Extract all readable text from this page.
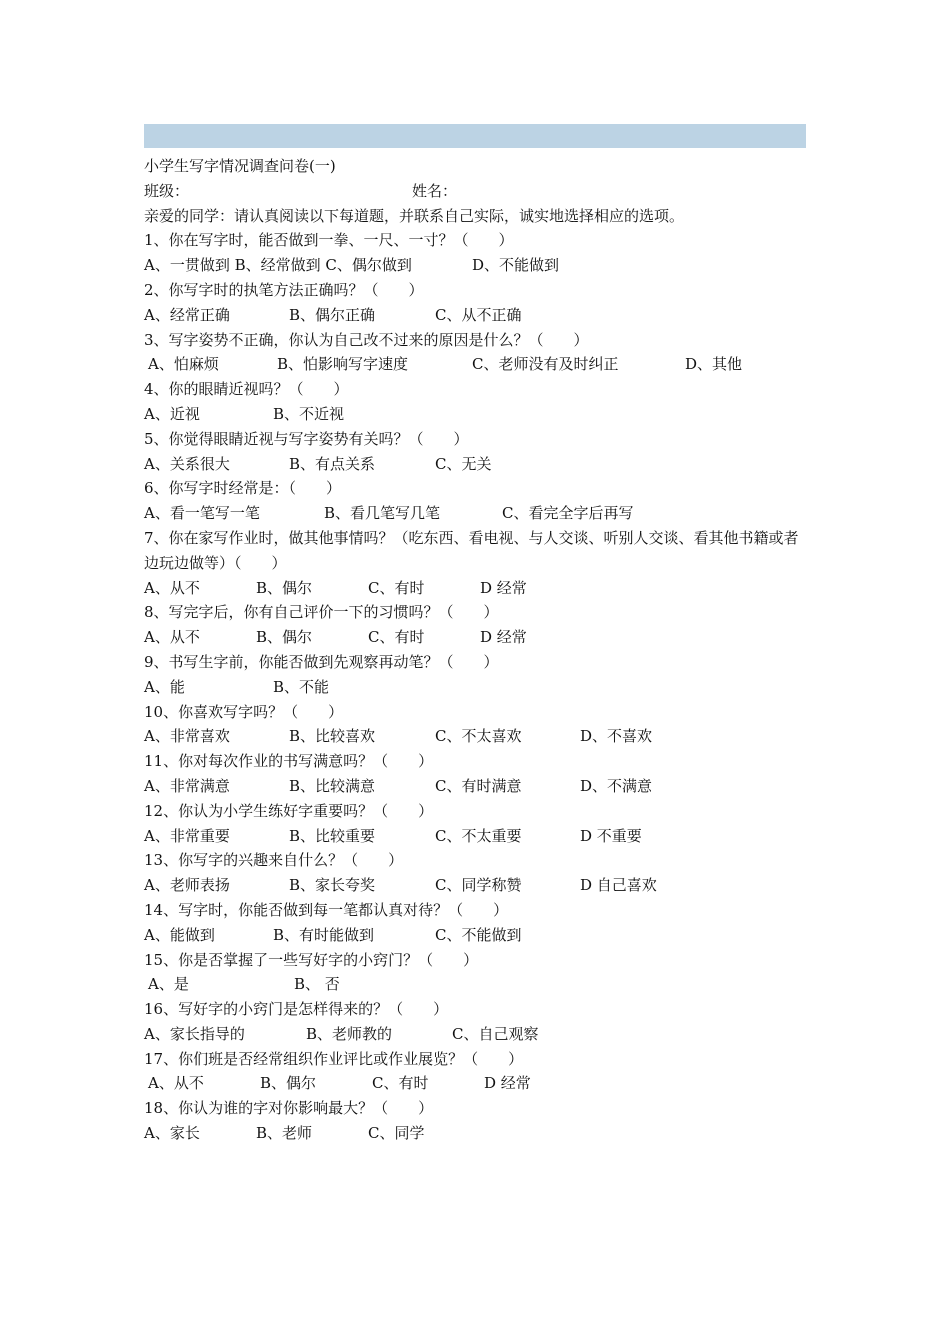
小学生写字情况调查问卷(一)
班级：	姓名：
亲爱的同学：请认真阅读以下每道题，并联系自己实际，诚实地选择相应的选项。
1、你在写字时，能否做到一拳、一尺、一寸？（　　）
A、一贯做到 B、经常做到 C、偶尔做到	D、不能做到
2、你写字时的执笔方法正确吗？（　　）
A、经常正确	B、偶尔正确	C、从不正确
3、写字姿势不正确，你认为自己改不过来的原因是什么？（　　）
A、怕麻烦	B、怕影响写字速度	C、老师没有及时纠正	D、其他
4、你的眼睛近视吗？（　　）
A、近视	B、不近视
5、你觉得眼睛近视与写字姿势有关吗？（　　）
A、关系很大	B、有点关系	C、无关
6、你写字时经常是：（　　）
A、看一笔写一笔	B、看几笔写几笔	C、看完全字后再写
7、你在家写作业时，做其他事情吗？（吃东西、看电视、与人交谈、听别人交谈、看其他书籍或者边玩边做等）（　　）
A、从不	B、偶尔	C、有时	D 经常
8、写完字后，你有自己评价一下的习惯吗？（　　）
A、从不	B、偶尔	C、有时	D 经常
9、书写生字前，你能否做到先观察再动笔？（　　）
A、能	B、不能
10、你喜欢写字吗？（　　）
A、非常喜欢	B、比较喜欢	C、不太喜欢	D、不喜欢
11、你对每次作业的书写满意吗？（　　）
A、非常满意	B、比较满意	C、有时满意	D、不满意
12、你认为小学生练好字重要吗？（　　）
A、非常重要	B、比较重要	C、不太重要	D 不重要
13、你写字的兴趣来自什么？（　　）
A、老师表扬	B、家长夸奖	C、同学称赞	D 自己喜欢
14、写字时，你能否做到每一笔都认真对待？（　　）
A、能做到	B、有时能做到	C、不能做到
15、你是否掌握了一些写好字的小窍门？（　　）
A、是	B、 否
16、写好字的小窍门是怎样得来的？（　　）
A、家长指导的	B、老师教的	C、自己观察
17、你们班是否经常组织作业评比或作业展览？（　　）
A、从不	B、偶尔	C、有时	D 经常
18、你认为谁的字对你影响最大？（　　）
A、家长	B、老师	C、同学
